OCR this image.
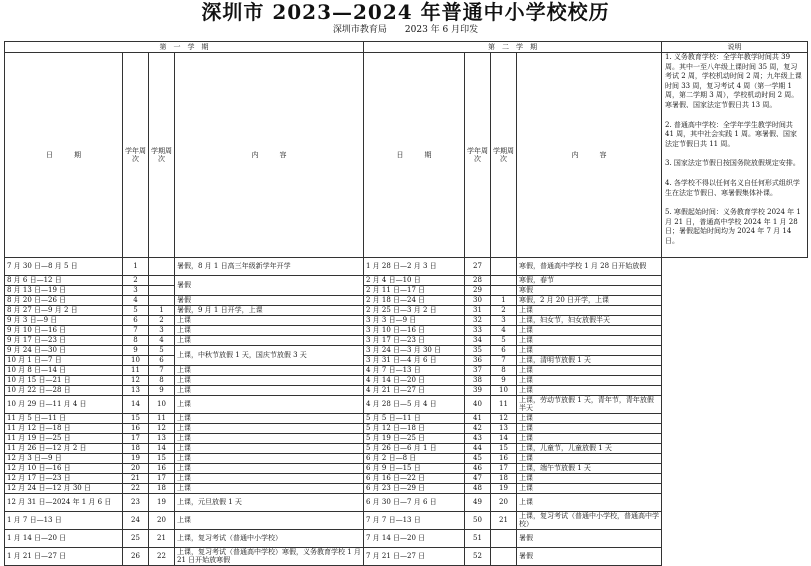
深圳市 2023—2024 年普通中小学校校历
深圳市教育局　　2023 年 6 月印发
第　一　学　期				第　二　学　期				说明
日　　　期	学年周次	学期周次	内　　　容	日　　　期	学年周次	学期周次	内　　　容	1. 义务教育学校：全学年教学时间共 39 周。其中一至八年级上课时间 35 周，复习考试 2 周，学校机动时间 2 周；九年级上课时间 33 周，复习考试 4 周（第一学期 1 周，第二学期 3 周），学校机动时间 2 周。寒暑假、国家法定节假日共 13 周。

2. 普通高中学校：全学年学生教学时间共 41 周，其中社会实践 1 周。寒暑假、国家法定节假日共 11 周。

3. 国家法定节假日按国务院放假规定安排。

4. 各学校不得以任何名义自任何形式组织学生在法定节假日、寒暑假集体补课。

5. 寒假起始时间：义务教育学校 2024 年 1 月 21 日，普通高中学校 2024 年 1 月 28 日；暑假起始时间均为 2024 年 7 月 14 日。

7 月 30 日—8 月 5 日	1		暑假，8 月 1 日高三年级新学年开学	1 月 28 日—2 月 3 日	27		寒假，普通高中学校 1 月 28 日开始放假	
8 月 6 日—12 日	2		暑假	2 月 4 日—10 日	28		寒假，春节	
8 月 13 日—19 日	3			2 月 11 日—17 日	29		寒假	
8 月 20 日—26 日	4		暑假	2 月 18 日—24 日	30	1	寒假，2 月 20 日开学，上课	
8 月 27 日—9 月 2 日	5	1	暑假，9 月 1 日开学，上课	2 月 25 日—3 月 2 日	31	2	上课	
9 月 3 日—9 日	6	2	上课	3 月 3 日—9 日	32	3	上课，妇女节，妇女放假半天	
9 月 10 日—16 日	7	3	上课	3 月 10 日—16 日	33	4	上课	
9 月 17 日—23 日	8	4	上课	3 月 17 日—23 日	34	5	上课	
9 月 24 日—30 日	9	5	上课，中秋节放假 1 天，国庆节放假 3 天	3 月 24 日—3 月 30 日	35	6	上课	
10 月 1 日—7 日	10	6		3 月 31 日—4 月 6 日	36	7	上课，清明节放假 1 天	
10 月 8 日—14 日	11	7	上课	4 月 7 日—13 日	37	8	上课	
10 月 15 日—21 日	12	8	上课	4 月 14 日—20 日	38	9	上课	
10 月 22 日—28 日	13	9	上课	4 月 21 日—27 日	39	10	上课	
10 月 29 日—11 月 4 日	14	10	上课	4 月 28 日—5 月 4 日	40	11	上课，劳动节放假 1 天，青年节，青年放假半天	
11 月 5 日—11 日	15	11	上课	5 月 5 日—11 日	41	12	上课	
11 月 12 日—18 日	16	12	上课	5 月 12 日—18 日	42	13	上课	
11 月 19 日—25 日	17	13	上课	5 月 19 日—25 日	43	14	上课	
11 月 26 日—12 月 2 日	18	14	上课	5 月 26 日—6 月 1 日	44	15	上课，儿童节，儿童放假 1 天	
12 月 3 日—9 日	19	15	上课	6 月 2 日—8 日	45	16	上课	
12 月 10 日—16 日	20	16	上课	6 月 9 日—15 日	46	17	上课，端午节放假 1 天	
12 月 17 日—23 日	21	17	上课	6 月 16 日—22 日	47	18	上课	
12 月 24 日—12 月 30 日	22	18	上课	6 月 23 日—29 日	48	19	上课	
12 月 31 日—2024 年 1 月 6 日	23	19	上课，元旦放假 1 天	6 月 30 日—7 月 6 日	49	20	上课	
1 月 7 日—13 日	24	20	上课	7 月 7 日—13 日	50	21	上课，复习考试（普通中小学校，普通高中学校）	
1 月 14 日—20 日	25	21	上课，复习考试（普通中小学校）	7 月 14 日—20 日	51		暑假	
1 月 21 日—27 日	26	22	上课，复习考试（普通高中学校）寒假，义务教育学校 1 月 21 日开始放寒假	7 月 21 日—27 日	52		暑假	
